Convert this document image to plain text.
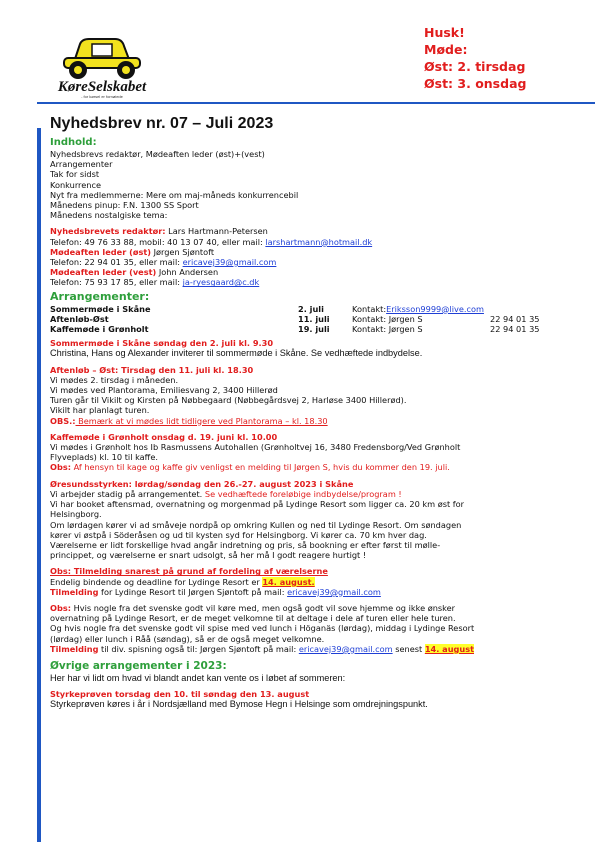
KøreSelskabet
- for kørsel er fornøjede
Husk!
Møde:
Øst: 2. tirsdag
Øst: 3. onsdag
Nyhedsbrev nr. 07 – Juli 2023

Indhold:

Nyhedsbrevs redaktør, Mødeaften leder (øst)+(vest)

Arrangementer

Tak for sidst

Konkurrence

Nyt fra medlemmerne: Mere om maj-måneds konkurrencebil

Månedens pinup: F.N. 1300 SS Sport

Månedens nostalgiske tema:

Nyhedsbrevets redaktør: Lars Hartmann-Petersen

Telefon: 49 76 33 88, mobil: 40 13 07 40, eller mail: larshartmann@hotmail.dk

Mødeaften leder (øst) Jørgen Sjøntoft

Telefon: 22 94 01 35, eller mail: ericavej39@gmail.com

Mødeaften leder (vest) John Andersen

Telefon: 75 93 17 85, eller mail: ja-ryesgaard@c.dk

Arrangementer:

Sommermøde i Skåne	2. juli	Kontakt: Eriksson9999@live.com
Aftenløb-Øst	11. juli	Kontakt: Jørgen S	22 94 01 35
Kaffemøde i Grønholt	19. juli	Kontakt: Jørgen S	22 94 01 35

Sommermøde i Skåne søndag den 2. juli kl. 9.30

Christina, Hans og Alexander inviterer til sommermøde i Skåne. Se vedhæftede indbydelse.

Aftenløb – Øst: Tirsdag den 11. juli kl. 18.30

Vi mødes 2. tirsdag i måneden.

Vi mødes ved Plantorama, Emiliesvang 2, 3400 Hillerød

Turen går til Vikilt og Kirsten på Nøbbegaard (Nøbbegårdsvej 2, Harløse 3400 Hillerød).

Vikilt har planlagt turen.

OBS.: Bemærk at vi mødes lidt tidligere ved Plantorama – kl. 18.30

Kaffemøde i Grønholt onsdag d. 19. juni kl. 10.00

Vi mødes i Grønholt hos Ib Rasmussens Autohallen (Grønholtvej 16, 3480 Fredensborg/Ved Grønholt

Flyveplads) kl. 10 til kaffe.

Obs: Af hensyn til kage og kaffe giv venligst en melding til Jørgen S, hvis du kommer den 19. juli.

Øresundsstyrken: lørdag/søndag den 26.-27. august 2023 i Skåne

Vi arbejder stadig på arrangementet. Se vedhæftede foreløbige indbydelse/program !

Vi har booket aftensmad, overnatning og morgenmad på Lydinge Resort som ligger ca. 20 km øst for

Helsingborg.

Om lørdagen kører vi ad småveje nordpå op omkring Kullen og ned til Lydinge Resort. Om søndagen

kører vi østpå i Söderåsen og ud til kysten syd for Helsingborg. Vi kører ca. 70 km hver dag.

Værelserne er lidt forskellige hvad angår indretning og pris, så bookning er efter først til mølle-

princippet, og værelserne er snart udsolgt, så her må I godt reagere hurtigt !

Obs: Tilmelding snarest på grund af fordeling af værelserne

Endelig bindende og deadline for Lydinge Resort er 14. august.

Tilmelding for Lydinge Resort til Jørgen Sjøntoft på mail: ericavej39@gmail.com

Obs: Hvis nogle fra det svenske godt vil køre med, men også godt vil sove hjemme og ikke ønsker

overnatning på Lydinge Resort, er de meget velkomne til at deltage i dele af turen eller hele turen.

Og hvis nogle fra det svenske godt vil spise med ved lunch i Höganäs (lørdag), middag i Lydinge Resort

(lørdag) eller lunch i Råå (søndag), så er de også meget velkomne.

Tilmelding til div. spisning også til: Jørgen Sjøntoft på mail: ericavej39@gmail.com senest 14. august

Øvrige arrangementer i 2023:

Her har vi lidt om hvad vi blandt andet kan vente os i løbet af sommeren:

Styrkeprøven torsdag den 10. til søndag den 13. august

Styrkeprøven køres i år i Nordsjælland med Bymose Hegn i Helsinge som omdrejningspunkt.
